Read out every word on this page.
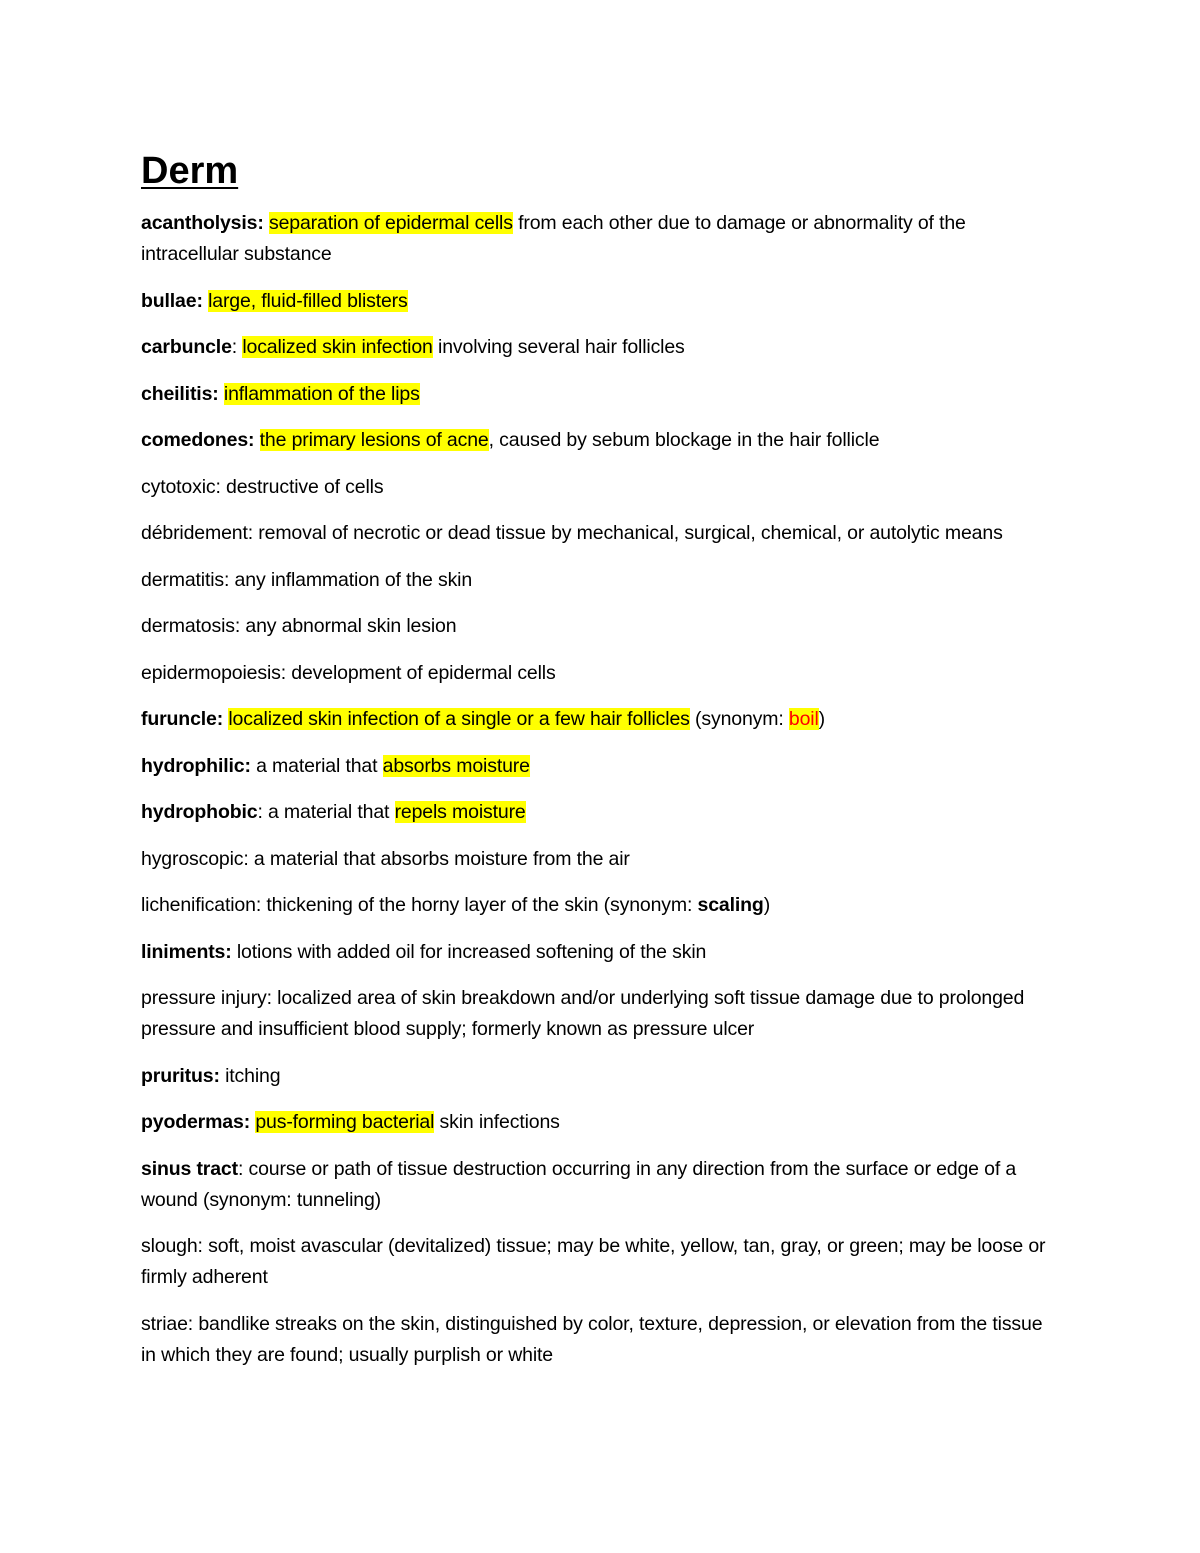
Derm

acantholysis: separation of epidermal cells from each other due to damage or abnormality of the intracellular substance

bullae: large, fluid-filled blisters

carbuncle: localized skin infection involving several hair follicles

cheilitis: inflammation of the lips

comedones: the primary lesions of acne, caused by sebum blockage in the hair follicle

cytotoxic: destructive of cells

débridement: removal of necrotic or dead tissue by mechanical, surgical, chemical, or autolytic means

dermatitis: any inflammation of the skin

dermatosis: any abnormal skin lesion

epidermopoiesis: development of epidermal cells

furuncle: localized skin infection of a single or a few hair follicles (synonym: boil)

hydrophilic: a material that absorbs moisture

hydrophobic: a material that repels moisture

hygroscopic: a material that absorbs moisture from the air

lichenification: thickening of the horny layer of the skin (synonym: scaling)

liniments: lotions with added oil for increased softening of the skin

pressure injury: localized area of skin breakdown and/or underlying soft tissue damage due to prolonged pressure and insufficient blood supply; formerly known as pressure ulcer

pruritus: itching

pyodermas: pus-forming bacterial skin infections

sinus tract: course or path of tissue destruction occurring in any direction from the surface or edge of a wound (synonym: tunneling)

slough: soft, moist avascular (devitalized) tissue; may be white, yellow, tan, gray, or green; may be loose or firmly adherent

striae: bandlike streaks on the skin, distinguished by color, texture, depression, or elevation from the tissue in which they are found; usually purplish or white
